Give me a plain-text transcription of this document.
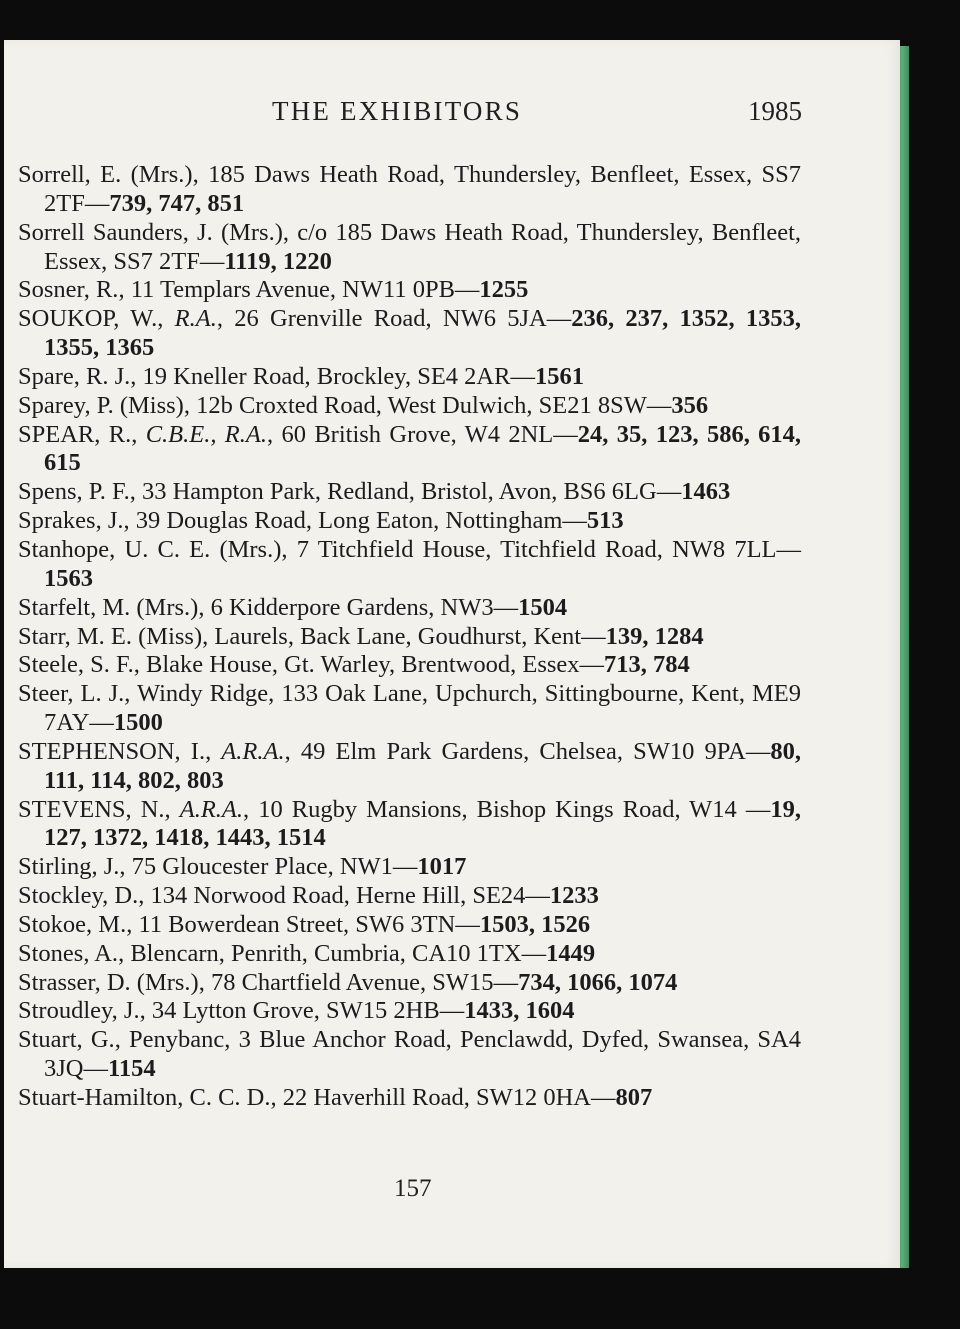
THE EXHIBITORS	1985

Sorrell, E. (Mrs.), 185 Daws Heath Road, Thundersley, Benfleet, Essex, SS7 2TF—739, 747, 851

Sorrell Saunders, J. (Mrs.), c/o 185 Daws Heath Road, Thundersley, Benfleet, Essex, SS7 2TF—1119, 1220

Sosner, R., 11 Templars Avenue, NW11 0PB—1255

SOUKOP, W., R.A., 26 Grenville Road, NW6 5JA—236, 237, 1352, 1353, 1355, 1365

Spare, R. J., 19 Kneller Road, Brockley, SE4 2AR—1561

Sparey, P. (Miss), 12b Croxted Road, West Dulwich, SE21 8SW—356

SPEAR, R., C.B.E., R.A., 60 British Grove, W4 2NL—24, 35, 123, 586, 614, 615

Spens, P. F., 33 Hampton Park, Redland, Bristol, Avon, BS6 6LG—1463

Sprakes, J., 39 Douglas Road, Long Eaton, Nottingham—513

Stanhope, U. C. E. (Mrs.), 7 Titchfield House, Titchfield Road, NW8 7LL—1563

Starfelt, M. (Mrs.), 6 Kidderpore Gardens, NW3—1504

Starr, M. E. (Miss), Laurels, Back Lane, Goudhurst, Kent—139, 1284

Steele, S. F., Blake House, Gt. Warley, Brentwood, Essex—713, 784

Steer, L. J., Windy Ridge, 133 Oak Lane, Upchurch, Sittingbourne, Kent, ME9 7AY—1500

STEPHENSON, I., A.R.A., 49 Elm Park Gardens, Chelsea, SW10 9PA—80, 111, 114, 802, 803

STEVENS, N., A.R.A., 10 Rugby Mansions, Bishop Kings Road, W14 —19, 127, 1372, 1418, 1443, 1514

Stirling, J., 75 Gloucester Place, NW1—1017

Stockley, D., 134 Norwood Road, Herne Hill, SE24—1233

Stokoe, M., 11 Bowerdean Street, SW6 3TN—1503, 1526

Stones, A., Blencarn, Penrith, Cumbria, CA10 1TX—1449

Strasser, D. (Mrs.), 78 Chartfield Avenue, SW15—734, 1066, 1074

Stroudley, J., 34 Lytton Grove, SW15 2HB—1433, 1604

Stuart, G., Penybanc, 3 Blue Anchor Road, Penclawdd, Dyfed, Swansea, SA4 3JQ—1154

Stuart-Hamilton, C. C. D., 22 Haverhill Road, SW12 0HA—807

157
